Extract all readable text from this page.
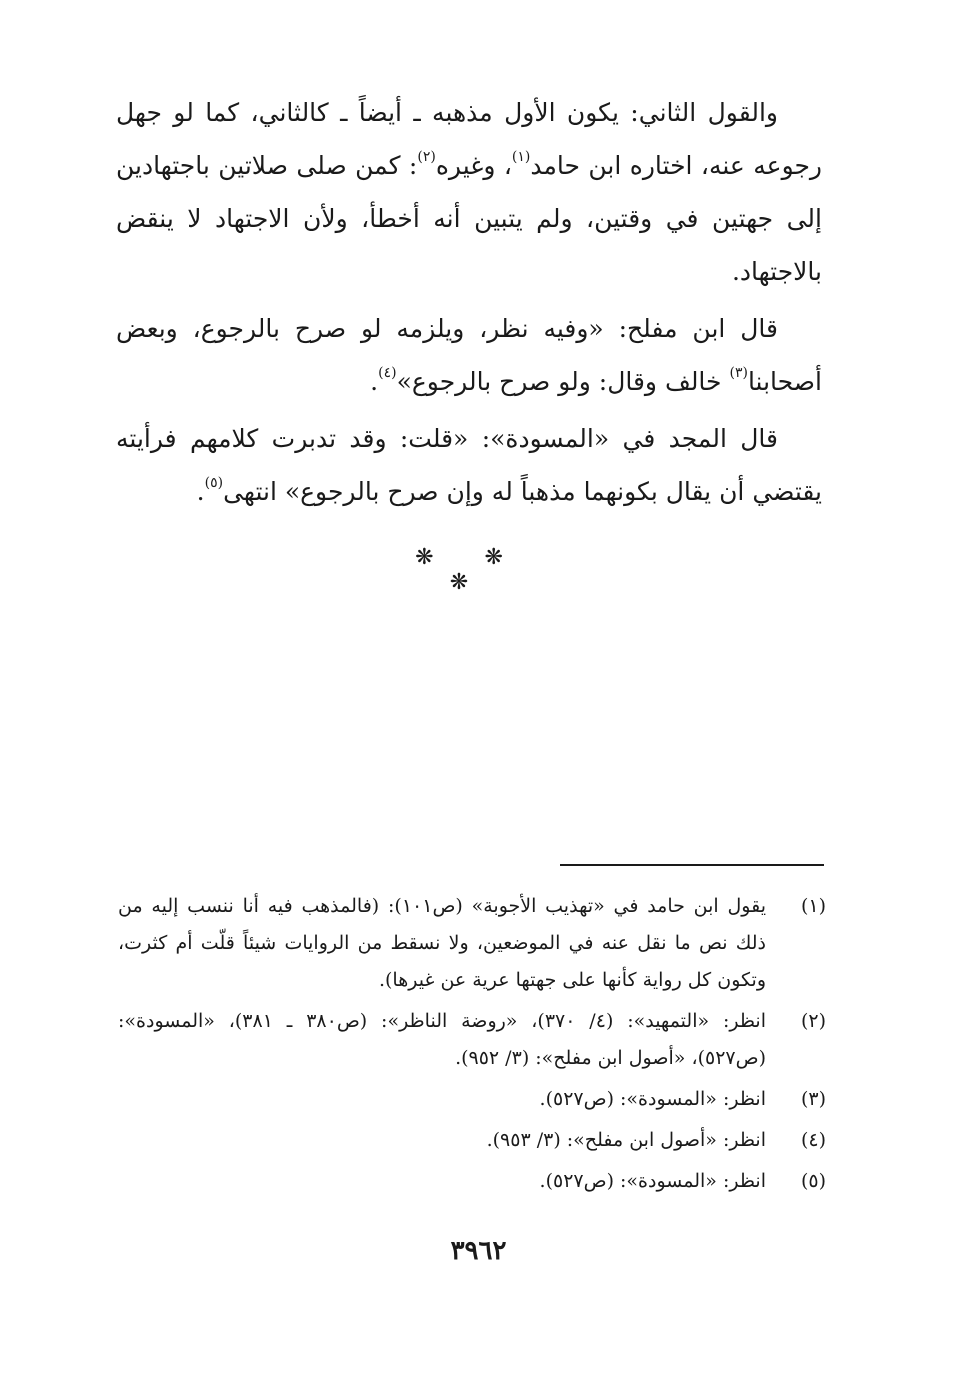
والقول الثاني: يكون الأول مذهبه ـ أيضاً ـ كالثاني، كما لو جهل رجوعه عنه، اختاره ابن حامد$^{(١)}$، وغيره$^{(٢)}$: كمن صلى صلاتين باجتهادين إلى جهتين في وقتين، ولم يتبين أنه أخطأ، ولأن الاجتهاد لا ينقض بالاجتهاد.

قال ابن مفلح: «وفيه نظر، ويلزمه لو صرح بالرجوع، وبعض أصحابنا$^{(٣)}$ خالف وقال: ولو صرح بالرجوع»$^{(٤)}$.

قال المجد في «المسودة»: «قلت: وقد تدبرت كلامهم فرأيته يقتضي أن يقال بكونهما مذهباً له وإن صرح بالرجوع» انتهى$^{(٥)}$.

❋ ❋ ❋
(١)
يقول ابن حامد في «تهذيب الأجوبة» (ص١٠١): (فالمذهب فيه أنا ننسب إليه من ذلك نص ما نقل عنه في الموضعين، ولا نسقط من الروايات شيئاً قلّت أم كثرت، وتكون كل رواية كأنها على جهتها عرية عن غيرها).
(٢)
انظر: «التمهيد»: (٤/ ٣٧٠)، «روضة الناظر»: (ص٣٨٠ ـ ٣٨١)، «المسودة»: (ص٥٢٧)، «أصول ابن مفلح»: (٣/ ٩٥٢).
(٣)
انظر: «المسودة»: (ص٥٢٧).
(٤)
انظر: «أصول ابن مفلح»: (٣/ ٩٥٣).
(٥)
انظر: «المسودة»: (ص٥٢٧).
٣٩٦٢
